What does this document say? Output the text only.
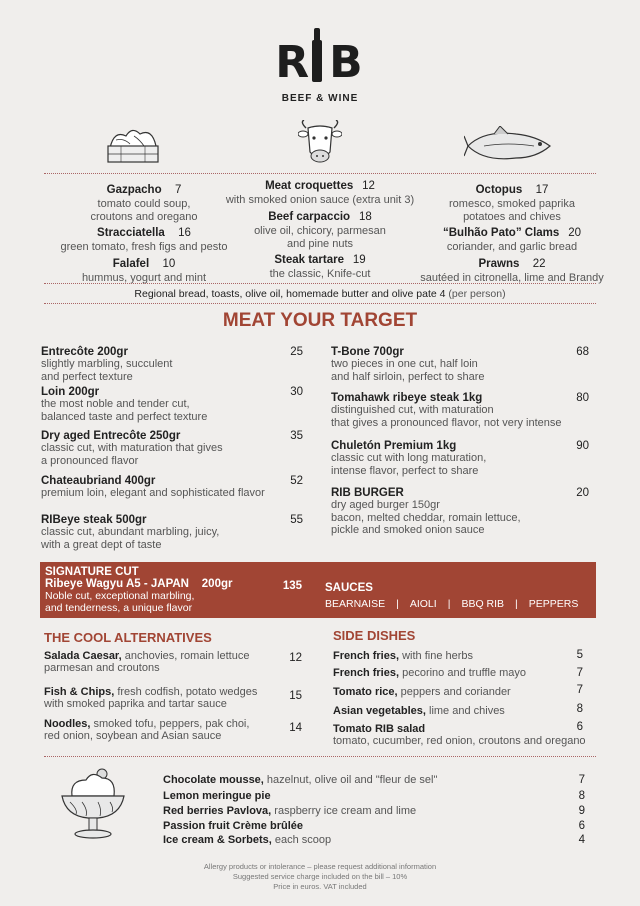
R B
BEEF & WINE
Gazpacho 7
tomato could soup,
croutons and oregano
Stracciatella 16
green tomato, fresh figs and pesto
Falafel 10
hummus, yogurt and mint
Meat croquettes 12
with smoked onion sauce (extra unit 3)
Beef carpaccio 18
olive oil, chicory, parmesan
and pine nuts
Steak tartare 19
the classic, Knife-cut
Octopus 17
romesco, smoked paprika
potatoes and chives
“Bulhão Pato” Clams 20
coriander, and garlic bread
Prawns 22
sautéed in citronella, lime and Brandy
Regional bread, toasts, olive oil, homemade butter and olive pate 4 (per person)
MEAT YOUR TARGET
Entrecôte 200gr
slightly marbling, succulent
and perfect texture
25
Loin 200gr
the most noble and tender cut,
balanced taste and perfect texture
30
Dry aged Entrecôte 250gr
classic cut, with maturation that gives
a pronounced flavor
35
Chateaubriand 400gr
premium loin, elegant and sophisticated flavor
52
RIBeye steak 500gr
classic cut, abundant marbling, juicy,
with a great dept of taste
55
T-Bone 700gr
two pieces in one cut, half loin
and half sirloin, perfect to share
68
Tomahawk ribeye steak 1kg
distinguished cut, with maturation
that gives a pronounced flavor, not very intense
80
Chuletón Premium 1kg
classic cut with long maturation,
intense flavor, perfect to share
90
RIB BURGER
dry aged burger 150gr
bacon, melted cheddar, romain lettuce,
pickle and smoked onion sauce
20
SIGNATURE CUT
Ribeye Wagyu A5 - JAPAN    200gr
Noble cut, exceptional marbling,
and tenderness, a unique flavor
135 SAUCES
BEARNAISE | AIOLI | BBQ RIB | PEPPERS
THE COOL ALTERNATIVES
Salada Caesar, anchovies, romain lettuce
parmesan and croutons
12
Fish & Chips, fresh codfish, potato wedges
with smoked paprika and tartar sauce
15
Noodles, smoked tofu, peppers, pak choi,
red onion, soybean and Asian sauce
14
SIDE DISHES
French fries, with fine herbs	5
French fries, pecorino and truffle mayo	7
Tomato rice, peppers and coriander	7
Asian vegetables, lime and chives	8
Tomato RIB salad
tomato, cucumber, red onion, croutons and oregano
6
Chocolate mousse, hazelnut, olive oil and "fleur de sel"	7
Lemon meringue pie	8
Red berries Pavlova, raspberry ice cream and lime	9
Passion fruit Crème brûlée	6
Ice cream & Sorbets, each scoop	4
Allergy products or intolerance – please request additional information
Suggested service charge included on the bill – 10%
Price in euros. VAT included
